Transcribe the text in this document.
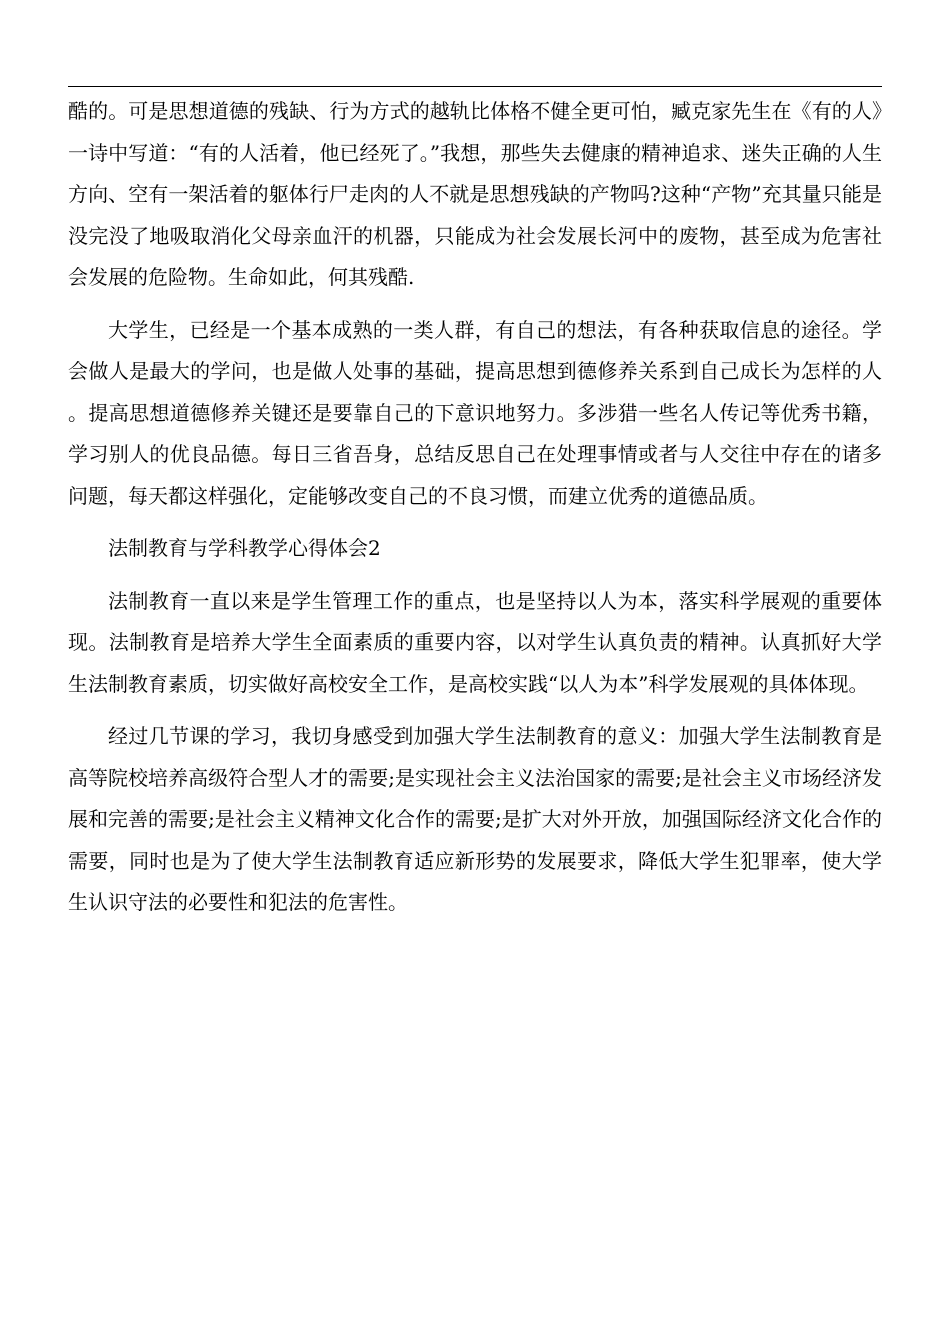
酷的。可是思想道德的残缺、行为方式的越轨比体格不健全更可怕，臧克家先生在《有的人》一诗中写道：“有的人活着，他已经死了。”我想，那些失去健康的精神追求、迷失正确的人生方向、空有一架活着的躯体行尸走肉的人不就是思想残缺的产物吗?这种“产物”充其量只能是没完没了地吸取消化父母亲血汗的机器，只能成为社会发展长河中的废物，甚至成为危害社会发展的危险物。生命如此，何其残酷.

大学生，已经是一个基本成熟的一类人群，有自己的想法，有各种获取信息的途径。学会做人是最大的学问，也是做人处事的基础，提高思想到德修养关系到自己成长为怎样的人。提高思想道德修养关键还是要靠自己的下意识地努力。多涉猎一些名人传记等优秀书籍，学习别人的优良品德。每日三省吾身，总结反思自己在处理事情或者与人交往中存在的诸多问题，每天都这样强化，定能够改变自己的不良习惯，而建立优秀的道德品质。

法制教育与学科教学心得体会2

法制教育一直以来是学生管理工作的重点，也是坚持以人为本，落实科学展观的重要体现。法制教育是培养大学生全面素质的重要内容，以对学生认真负责的精神。认真抓好大学生法制教育素质，切实做好高校安全工作，是高校实践“以人为本”科学发展观的具体体现。

经过几节课的学习，我切身感受到加强大学生法制教育的意义：加强大学生法制教育是高等院校培养高级符合型人才的需要;是实现社会主义法治国家的需要;是社会主义市场经济发展和完善的需要;是社会主义精神文化合作的需要;是扩大对外开放，加强国际经济文化合作的需要，同时也是为了使大学生法制教育适应新形势的发展要求，降低大学生犯罪率，使大学生认识守法的必要性和犯法的危害性。
